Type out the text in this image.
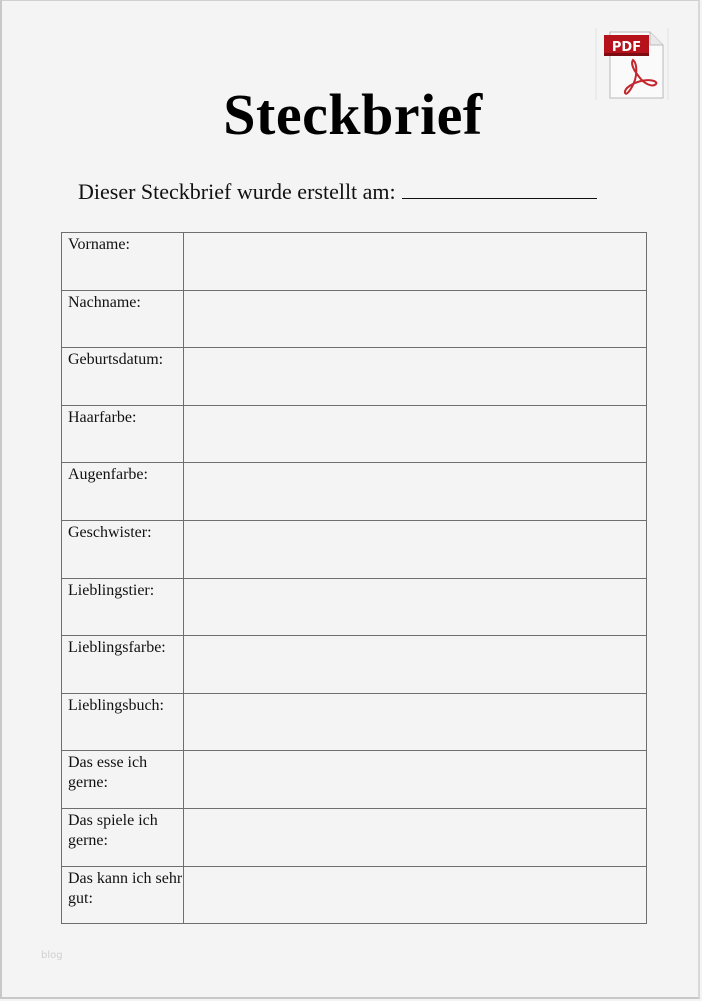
PDF
Steckbrief
Dieser Steckbrief wurde erstellt am:
Vorname:	
Nachname:	
Geburtsdatum:	
Haarfarbe:	
Augenfarbe:	
Geschwister:	
Lieblingstier:	
Lieblingsfarbe:	
Lieblingsbuch:	
Das esse ich gerne:	
Das spiele ich gerne:	
Das kann ich sehr gut:	
blog
